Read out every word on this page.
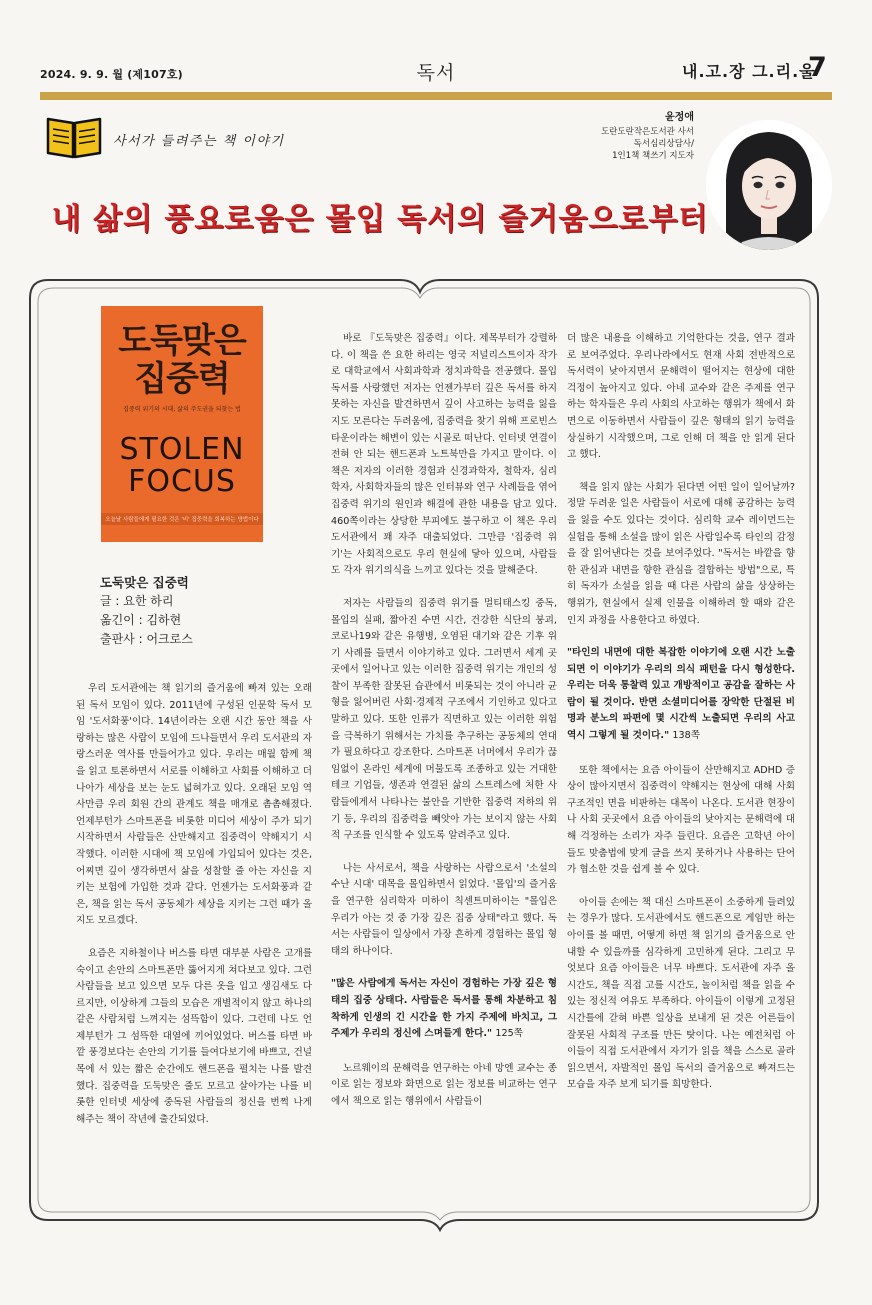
2024. 9. 9. 월 (제107호)	독서	내.고.장 그.리.울
7
사서가 들려주는 책 이야기
윤정애
도란도란작은도서관 사서
독서심리상담사/
1인1책 책쓰기 지도자
내 삶의 풍요로움은 몰입 독서의 즐거움으로부터
도둑맞은 집중력
집중력 위기의 시대, 삶의 주도권을 되찾는 법
STOLEN FOCUS
오늘날 사람들에게 필요한 것은 '비' 집중력을 회복하는 방법이다
도둑맞은 집중력
글 : 요한 하리
옮긴이 : 김하현
출판사 : 어크로스

우리 도서관에는 책 읽기의 즐거움에 빠져 있는 오래된 독서 모임이 있다. 2011년에 구성된 인문학 독서 모임 '도서화풍'이다. 14년이라는 오랜 시간 동안 책을 사랑하는 많은 사람이 모임에 드나들면서 우리 도서관의 자랑스러운 역사를 만들어가고 있다. 우리는 매월 함께 책을 읽고 토론하면서 서로를 이해하고 사회를 이해하고 더 나아가 세상을 보는 눈도 넓혀가고 있다. 오래된 모임 역사만큼 우리 회원 간의 관계도 책을 매개로 촘촘해졌다. 언제부턴가 스마트폰을 비롯한 미디어 세상이 주가 되기 시작하면서 사람들은 산만해지고 집중력이 약해지기 시작했다. 이러한 시대에 책 모임에 가입되어 있다는 것은, 어찌면 깊이 생각하면서 삶을 성찰할 줄 아는 자신을 지키는 보험에 가입한 것과 같다. 언젠가는 도서화풍과 같은, 책을 읽는 독서 공동체가 세상을 지키는 그런 때가 올지도 모르겠다.

요즘은 지하철이나 버스를 타면 대부분 사람은 고개를 숙이고 손안의 스마트폰만 뚫어지게 쳐다보고 있다. 그런 사람들을 보고 있으면 모두 다른 옷을 입고 생김새도 다르지만, 이상하게 그들의 모습은 개별적이지 않고 하나의 같은 사람처럼 느껴지는 섬뜩함이 있다. 그런데 나도 언제부턴가 그 섬뜩한 대열에 끼어있었다. 버스를 타면 바깥 풍경보다는 손안의 기기를 들여다보기에 바쁘고, 건널목에 서 있는 짧은 순간에도 핸드폰을 펼치는 나를 발견했다. 집중력을 도둑맞은 줄도 모르고 살아가는 나를 비롯한 인터넷 세상에 중독된 사람들의 정신을 번쩍 나게 해주는 책이 작년에 출간되었다.

바로 『도둑맞은 집중력』이다. 제목부터가 강렬하다. 이 책을 쓴 요한 하리는 영국 저널리스트이자 작가로 대학교에서 사회과학과 정치과학을 전공했다. 몰입 독서를 사랑했던 저자는 언젠가부터 깊은 독서를 하지 못하는 자신을 발견하면서 깊이 사고하는 능력을 잃을지도 모른다는 두려움에, 집중력을 찾기 위해 프로빈스타운이라는 해변이 있는 시골로 떠난다. 인터넷 연결이 전혀 안 되는 핸드폰과 노트북만을 가지고 말이다. 이 책은 저자의 이러한 경험과 신경과학자, 철학자, 심리학자, 사회학자들의 많은 인터뷰와 연구 사례들을 엮어 집중력 위기의 원인과 해결에 관한 내용을 담고 있다. 460쪽이라는 상당한 부피에도 불구하고 이 책은 우리 도서관에서 꽤 자주 대출되었다. 그만큼 '집중력 위기'는 사회적으로도 우리 현실에 닿아 있으며, 사람들도 각자 위기의식을 느끼고 있다는 것을 말해준다.

저자는 사람들의 집중력 위기를 멀티태스킹 중독, 몰입의 실패, 짧아진 수면 시간, 건강한 식단의 붕괴, 코로나19와 같은 유행병, 오염된 대기와 같은 기후 위기 사례를 들면서 이야기하고 있다. 그러면서 세계 곳곳에서 일어나고 있는 이러한 집중력 위기는 개인의 성찰이 부족한 잘못된 습관에서 비롯되는 것이 아니라 균형을 잃어버린 사회·경제적 구조에서 기인하고 있다고 말하고 있다. 또한 인류가 직면하고 있는 이러한 위험을 극복하기 위해서는 가치를 추구하는 공동체의 연대가 필요하다고 강조한다. 스마트폰 너머에서 우리가 끊임없이 온라인 세계에 머물도록 조종하고 있는 거대한 테크 기업들, 생존과 연결된 삶의 스트레스에 처한 사람들에게서 나타나는 불안을 기반한 집중력 저하의 위기 등, 우리의 집중력을 빼앗아 가는 보이지 않는 사회적 구조를 인식할 수 있도록 알려주고 있다.

나는 사서로서, 책을 사랑하는 사람으로서 '소설의 수난 시대' 대목을 몰입하면서 읽었다. '몰입'의 즐거움을 연구한 심리학자 미하이 칙센트미하이는 "몰입은 우리가 아는 것 중 가장 깊은 집중 상태"라고 했다. 독서는 사람들이 일상에서 가장 흔하게 경험하는 몰입 형태의 하나이다.

"많은 사람에게 독서는 자신이 경험하는 가장 깊은 형태의 집중 상태다. 사람들은 독서를 통해 차분하고 침착하게 인생의 긴 시간을 한 가지 주제에 바치고, 그 주제가 우리의 정신에 스며들게 한다." 125쪽

노르웨이의 문해력을 연구하는 아네 망엔 교수는 종이로 읽는 정보와 화면으로 읽는 정보를 비교하는 연구에서 책으로 읽는 행위에서 사람들이

더 많은 내용을 이해하고 기억한다는 것을, 연구 결과로 보여주었다. 우리나라에서도 현재 사회 전반적으로 독서력이 낮아지면서 문해력이 떨어지는 현상에 대한 걱정이 높아지고 있다. 아네 교수와 같은 주제를 연구하는 학자들은 우리 사회의 사고하는 행위가 책에서 화면으로 이동하면서 사람들이 깊은 형태의 읽기 능력을 상실하기 시작했으며, 그로 인해 더 책을 안 읽게 된다고 했다.

책을 읽지 않는 사회가 된다면 어떤 일이 일어날까? 정말 두려운 일은 사람들이 서로에 대해 공감하는 능력을 잃을 수도 있다는 것이다. 심리학 교수 레이먼드는 실험을 통해 소설을 많이 읽은 사람일수록 타인의 감정을 잘 읽어낸다는 것을 보여주었다. "독서는 바깥을 향한 관심과 내면을 향한 관심을 결합하는 방법"으로, 특히 독자가 소설을 읽을 때 다른 사람의 삶을 상상하는 행위가, 현실에서 실제 인물을 이해하려 할 때와 같은 인지 과정을 사용한다고 하였다.

"타인의 내면에 대한 복잡한 이야기에 오랜 시간 노출되면 이 이야기가 우리의 의식 패턴을 다시 형성한다. 우리는 더욱 통찰력 있고 개방적이고 공감을 잘하는 사람이 될 것이다. 반면 소셜미디어를 장악한 단절된 비명과 분노의 파편에 몇 시간씩 노출되면 우리의 사고 역시 그렇게 될 것이다." 138쪽

또한 책에서는 요즘 아이들이 산만해지고 ADHD 증상이 많아지면서 집중력이 약해지는 현상에 대해 사회 구조적인 면을 비판하는 대목이 나온다. 도서관 현장이나 사회 곳곳에서 요즘 아이들의 낮아지는 문해력에 대해 걱정하는 소리가 자주 들린다. 요즘은 고학년 아이들도 맞춤법에 맞게 글을 쓰지 못하거나 사용하는 단어가 협소한 것을 쉽게 볼 수 있다.

아이들 손에는 책 대신 스마트폰이 소중하게 들려있는 경우가 많다. 도서관에서도 핸드폰으로 게임만 하는 아이를 볼 때면, 어떻게 하면 책 읽기의 즐거움으로 안내할 수 있을까를 심각하게 고민하게 된다. 그리고 무엇보다 요즘 아이들은 너무 바쁘다. 도서관에 자주 올 시간도, 책을 직접 고를 시간도, 놀이처럼 책을 읽을 수 있는 정신적 여유도 부족하다. 아이들이 이렇게 고정된 시간틀에 갇혀 바쁜 일상을 보내게 된 것은 어른들이 잘못된 사회적 구조를 만든 탓이다. 나는 예전처럼 아이들이 직접 도서관에서 자기가 읽을 책을 스스로 골라 읽으면서, 자발적인 몰입 독서의 즐거움으로 빠져드는 모습을 자주 보게 되기를 희망한다.
